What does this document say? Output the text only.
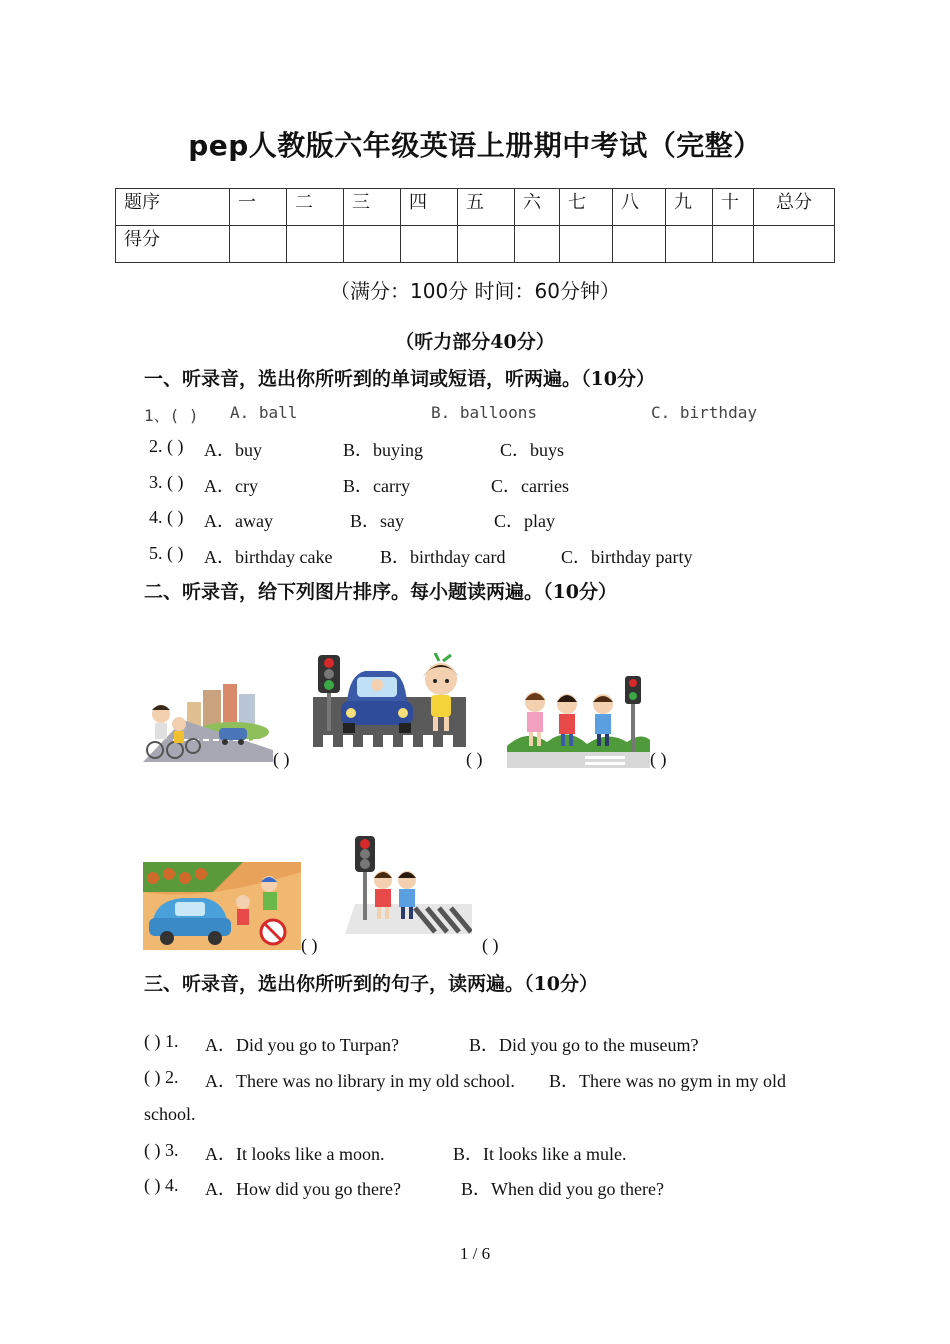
pep人教版六年级英语上册期中考试（完整）
题序	一	二	三	四	五	六	七	八	九	十	总分
得分											
（满分：100分 时间：60分钟）
（听力部分40分）
一、听录音，选出你所听到的单词或短语，听两遍。（10分）
1、( ) A. ball	B. balloons	C. birthday
2. ( ) A．buy	B．buying	C．buys
3. ( ) A．cry	B．carry	C．carries
4. ( ) A．away	B．say	C．play
5. ( ) A．birthday cake	B．birthday card	C．birthday party
二、听录音，给下列图片排序。每小题读两遍。（10分）
( )	( )	( )
( )	( )
三、听录音，选出你所听到的句子，读两遍。（10分）
( ) 1. A．Did you go to Turpan?	B．Did you go to the museum?
( ) 2. A．There was no library in my old school. B．There was no gym in my old
school.
( ) 3. A．It looks like a moon.	B．It looks like a mule.
( ) 4. A．How did you go there?	B．When did you go there?
1 / 6
